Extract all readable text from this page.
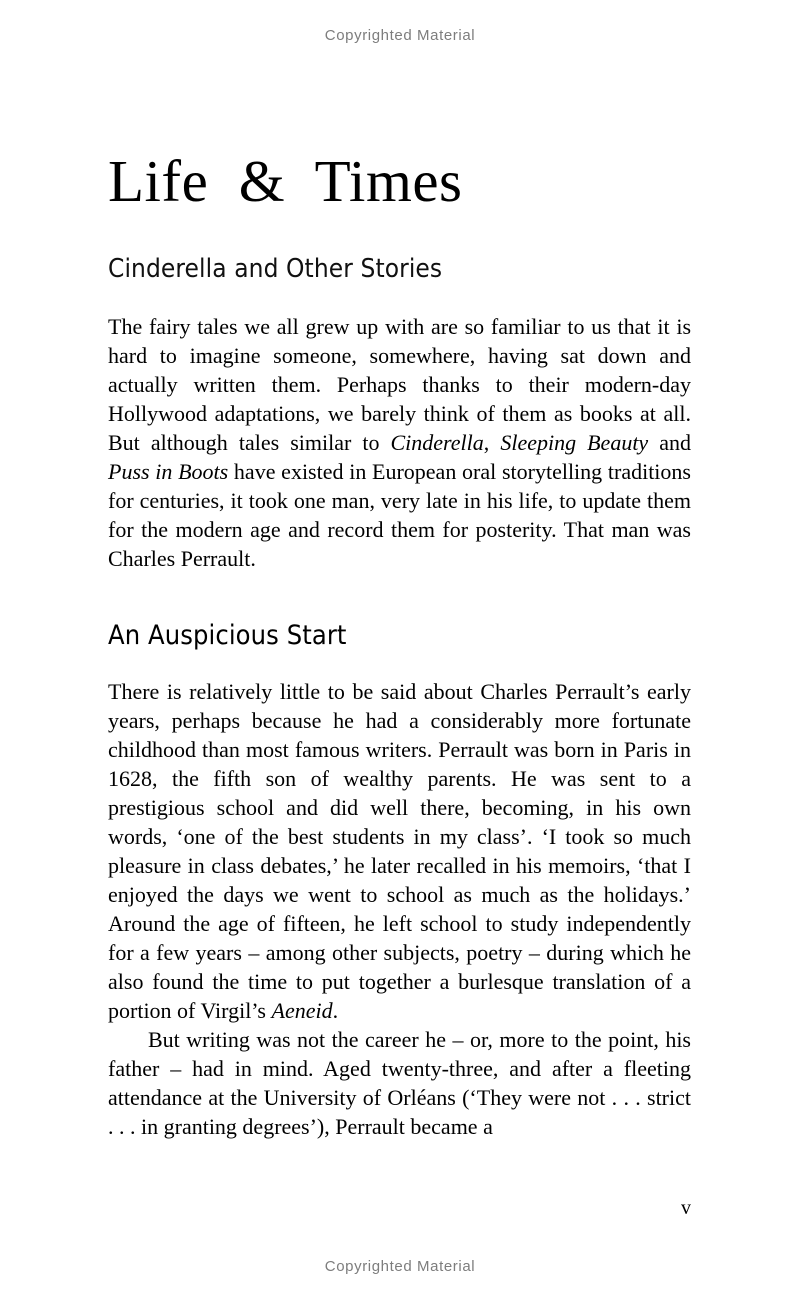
Copyrighted Material
Life  &  Times
Cinderella and Other Stories

The fairy tales we all grew up with are so familiar to us that it is hard to imagine someone, somewhere, having sat down and actually written them. Perhaps thanks to their modern-day Hollywood adaptations, we barely think of them as books at all. But although tales similar to Cinderella, Sleeping Beauty and Puss in Boots have existed in European oral storytelling traditions for centuries, it took one man, very late in his life, to update them for the modern age and record them for posterity. That man was Charles Perrault.

An Auspicious Start

There is relatively little to be said about Charles Perrault’s early years, perhaps because he had a considerably more fortunate childhood than most famous writers. Perrault was born in Paris in 1628, the fifth son of wealthy parents. He was sent to a prestigious school and did well there, becoming, in his own words, ‘one of the best students in my class’. ‘I took so much pleasure in class debates,’ he later recalled in his memoirs, ‘that I enjoyed the days we went to school as much as the holidays.’ Around the age of fifteen, he left school to study independently for a few years – among other subjects, poetry – during which he also found the time to put together a burlesque translation of a portion of Virgil’s Aeneid.

But writing was not the career he – or, more to the point, his father – had in mind. Aged twenty-three, and after a fleeting attendance at the University of Orléans (‘They were not . . . strict . . . in granting degrees’), Perrault became a

v
Copyrighted Material
